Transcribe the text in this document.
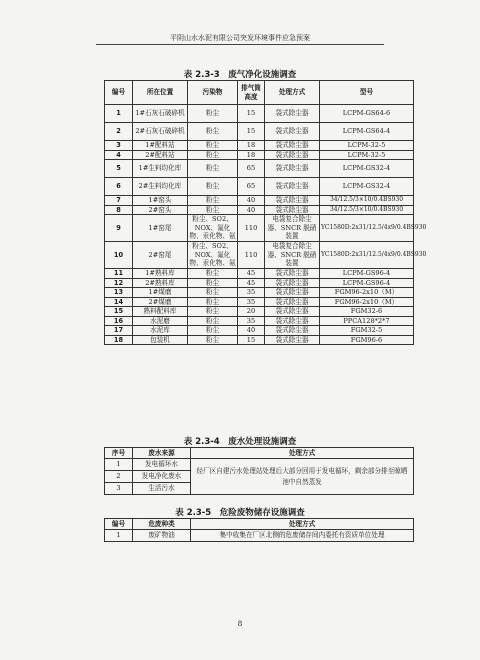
平阴山水水泥有限公司突发环境事件应急预案
表 2.3-3　废气净化设施调查
编号	所在位置	污染物	排气筒高度	处理方式	型号
1	1#石灰石破碎机	粉尘	15	袋式除尘器	LCPM-GS64-6
2	2#石灰石破碎机	粉尘	15	袋式除尘器	LCPM-GS64-4
3	1#配料站	粉尘	18	袋式除尘器	LCPM-32-5
4	2#配料站	粉尘	18	袋式除尘器	LCPM-32-5
5	1#生料均化库	粉尘	65	袋式除尘器	LCPM-GS32-4
6	2#生料均化库	粉尘	65	袋式除尘器	LCPM-GS32-4
7	1#窑头	粉尘	40	袋式除尘器	34/12.5/3×10/0.4BS930
8	2#窑头	粉尘	40	袋式除尘器	34/12.5/3×10/0.4BS930
9	1#窑尾	粉尘、SO2、NOX、氟化物、汞化物、氨	110	电袋复合除尘器、SNCR 脱硝装置	YC1580D:2x31/12.5/4x9/0.4BS930
10	2#窑尾	粉尘、SO2、NOX、氟化物、汞化物、氨	110	电袋复合除尘器、SNCR 脱硝装置	YC1580D:2x31/12.5/4x9/0.4BS930
11	1#熟料库	粉尘	45	袋式除尘器	LCPM-GS96-4
12	2#熟料库	粉尘	45	袋式除尘器	LCPM-GS96-4
13	1#煤磨	粉尘	35	袋式除尘器	FGM96-2x10（M）
14	2#煤磨	粉尘	35	袋式除尘器	FGM96-2x10（M）
15	熟料配料库	粉尘	20	袋式除尘器	FGM32-6
16	水泥磨	粉尘	35	袋式除尘器	PPCA128*2*7
17	水泥库	粉尘	40	袋式除尘器	FGM32-5
18	包装机	粉尘	15	袋式除尘器	FGM96-6
表 2.3-4　废水处理设施调查
序号	废水来源	处理方式
1	发电循环水	经厂区自建污水处理站处理后大部分回用于发电循环，剩余部分排至晾晒池中自然蒸发
2	发电净化废水	
3	生活污水	
表 2.3-5　危险废物储存设施调查
编号	危废种类	处理方式
1	废矿物油	集中收集在厂区北侧的危废储存间内委托有资质单位处理
8
